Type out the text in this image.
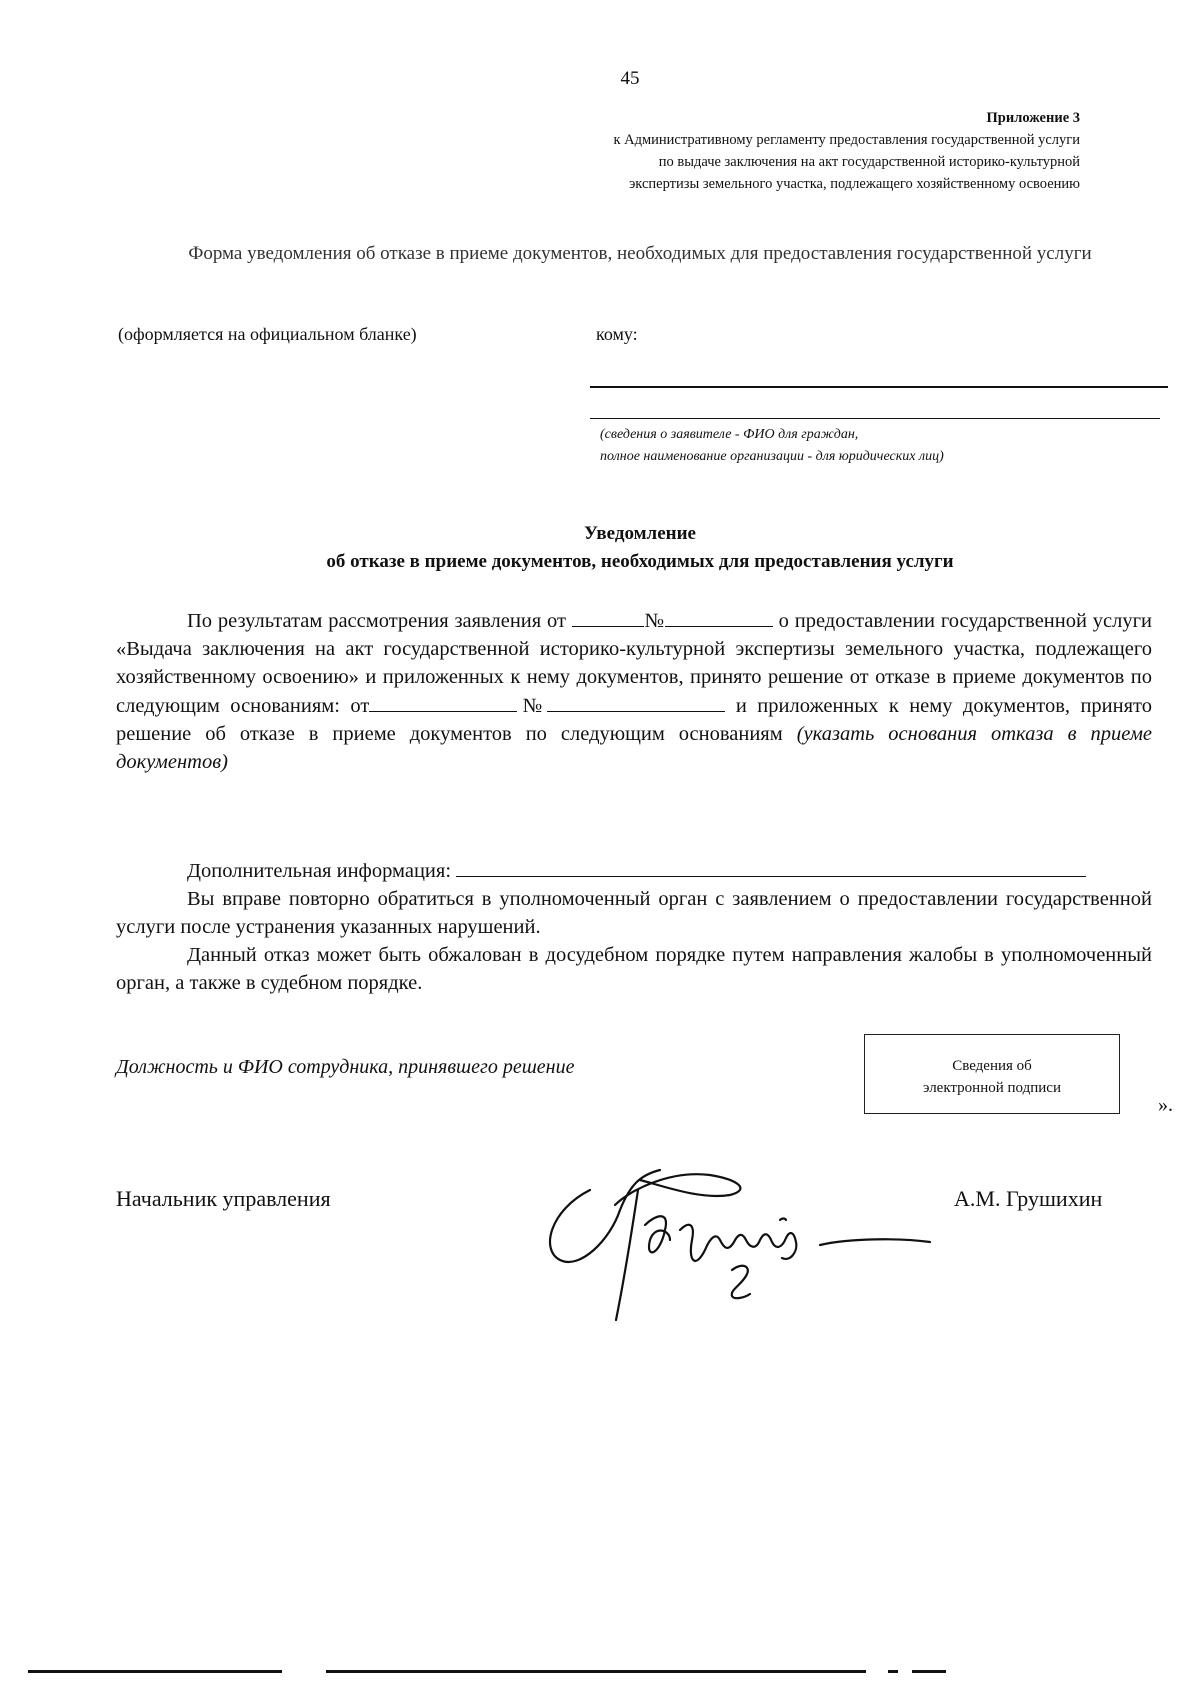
45
Приложение 3
к Административному регламенту предоставления государственной услуги
по выдаче заключения на акт государственной историко-культурной
экспертизы земельного участка, подлежащего хозяйственному освоению
Форма уведомления об отказе в приеме документов, необходимых для предоставления государственной услуги
(оформляется на официальном бланке)	кому:
(сведения о заявителе - ФИО для граждан,
полное наименование организации - для юридических лиц)
Уведомление
об отказе в приеме документов, необходимых для предоставления услуги
По результатам рассмотрения заявления от	№	о предоставлении государственной услуги «Выдача заключения на акт государственной историко-культурной экспертизы земельного участка, подлежащего хозяйственному освоению» и приложенных к нему документов, принято решение от отказе в приеме документов по следующим основаниям: от	№	и приложенных к нему документов, принято решение об отказе в приеме документов по следующим основаниям (указать основания отказа в приеме документов)
Дополнительная информация:
Вы вправе повторно обратиться в уполномоченный орган с заявлением о предоставлении государственной услуги после устранения указанных нарушений.
Данный отказ может быть обжалован в досудебном порядке путем направления жалобы в уполномоченный орган, а также в судебном порядке.
Должность и ФИО сотрудника, принявшего решение	Сведения об
электронной подписи
».
Начальник управления	А.М. Грушихин
